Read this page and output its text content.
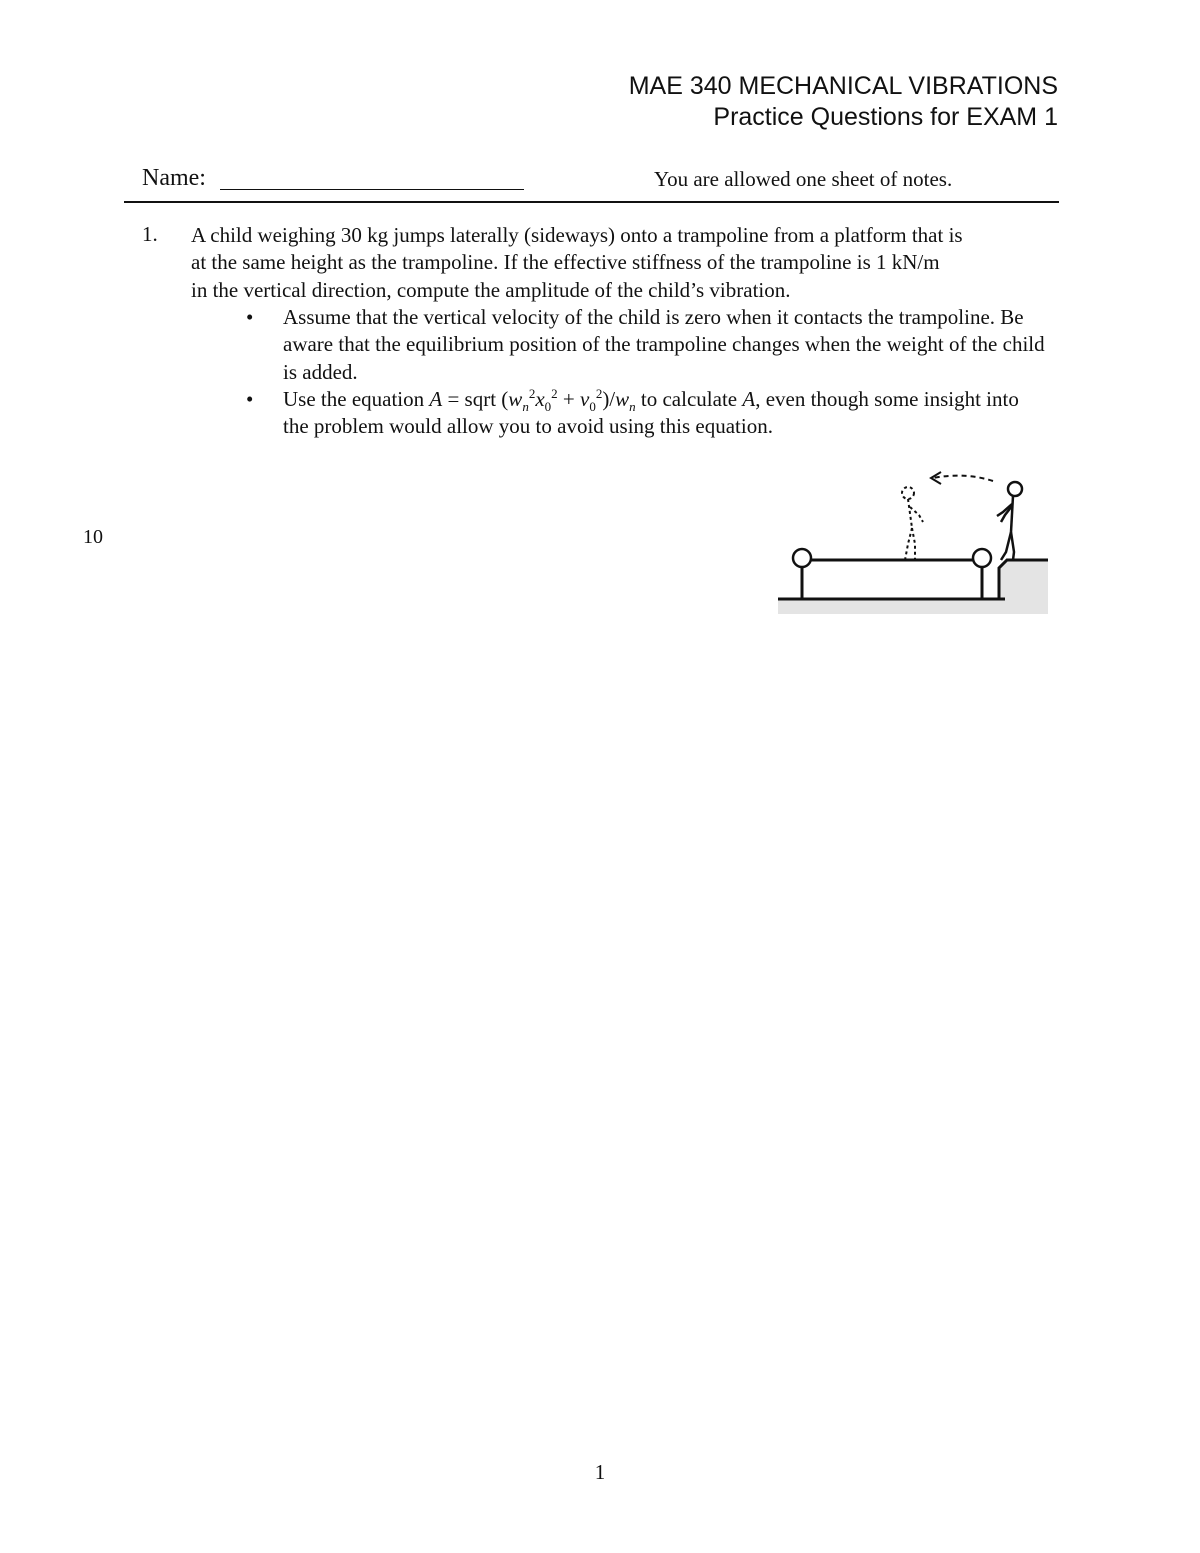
MAE 340 MECHANICAL VIBRATIONS
Practice Questions for EXAM 1
Name:	You are allowed one sheet of notes.
1. A child weighing 30 kg jumps laterally (sideways) onto a trampoline from a platform that is
at the same height as the trampoline. If the effective stiffness of the trampoline is 1 kN/m
in the vertical direction, compute the amplitude of the child’s vibration.

• Assume that the vertical velocity of the child is zero when it contacts the trampoline. Be aware that the equilibrium position of the trampoline changes when the weight of the child is added.
• Use the equation A = sqrt $(w_n^2x_0^2 + v_0^2)/w_n$ to calculate A, even though some insight into the problem would allow you to avoid using this equation.
10
1
